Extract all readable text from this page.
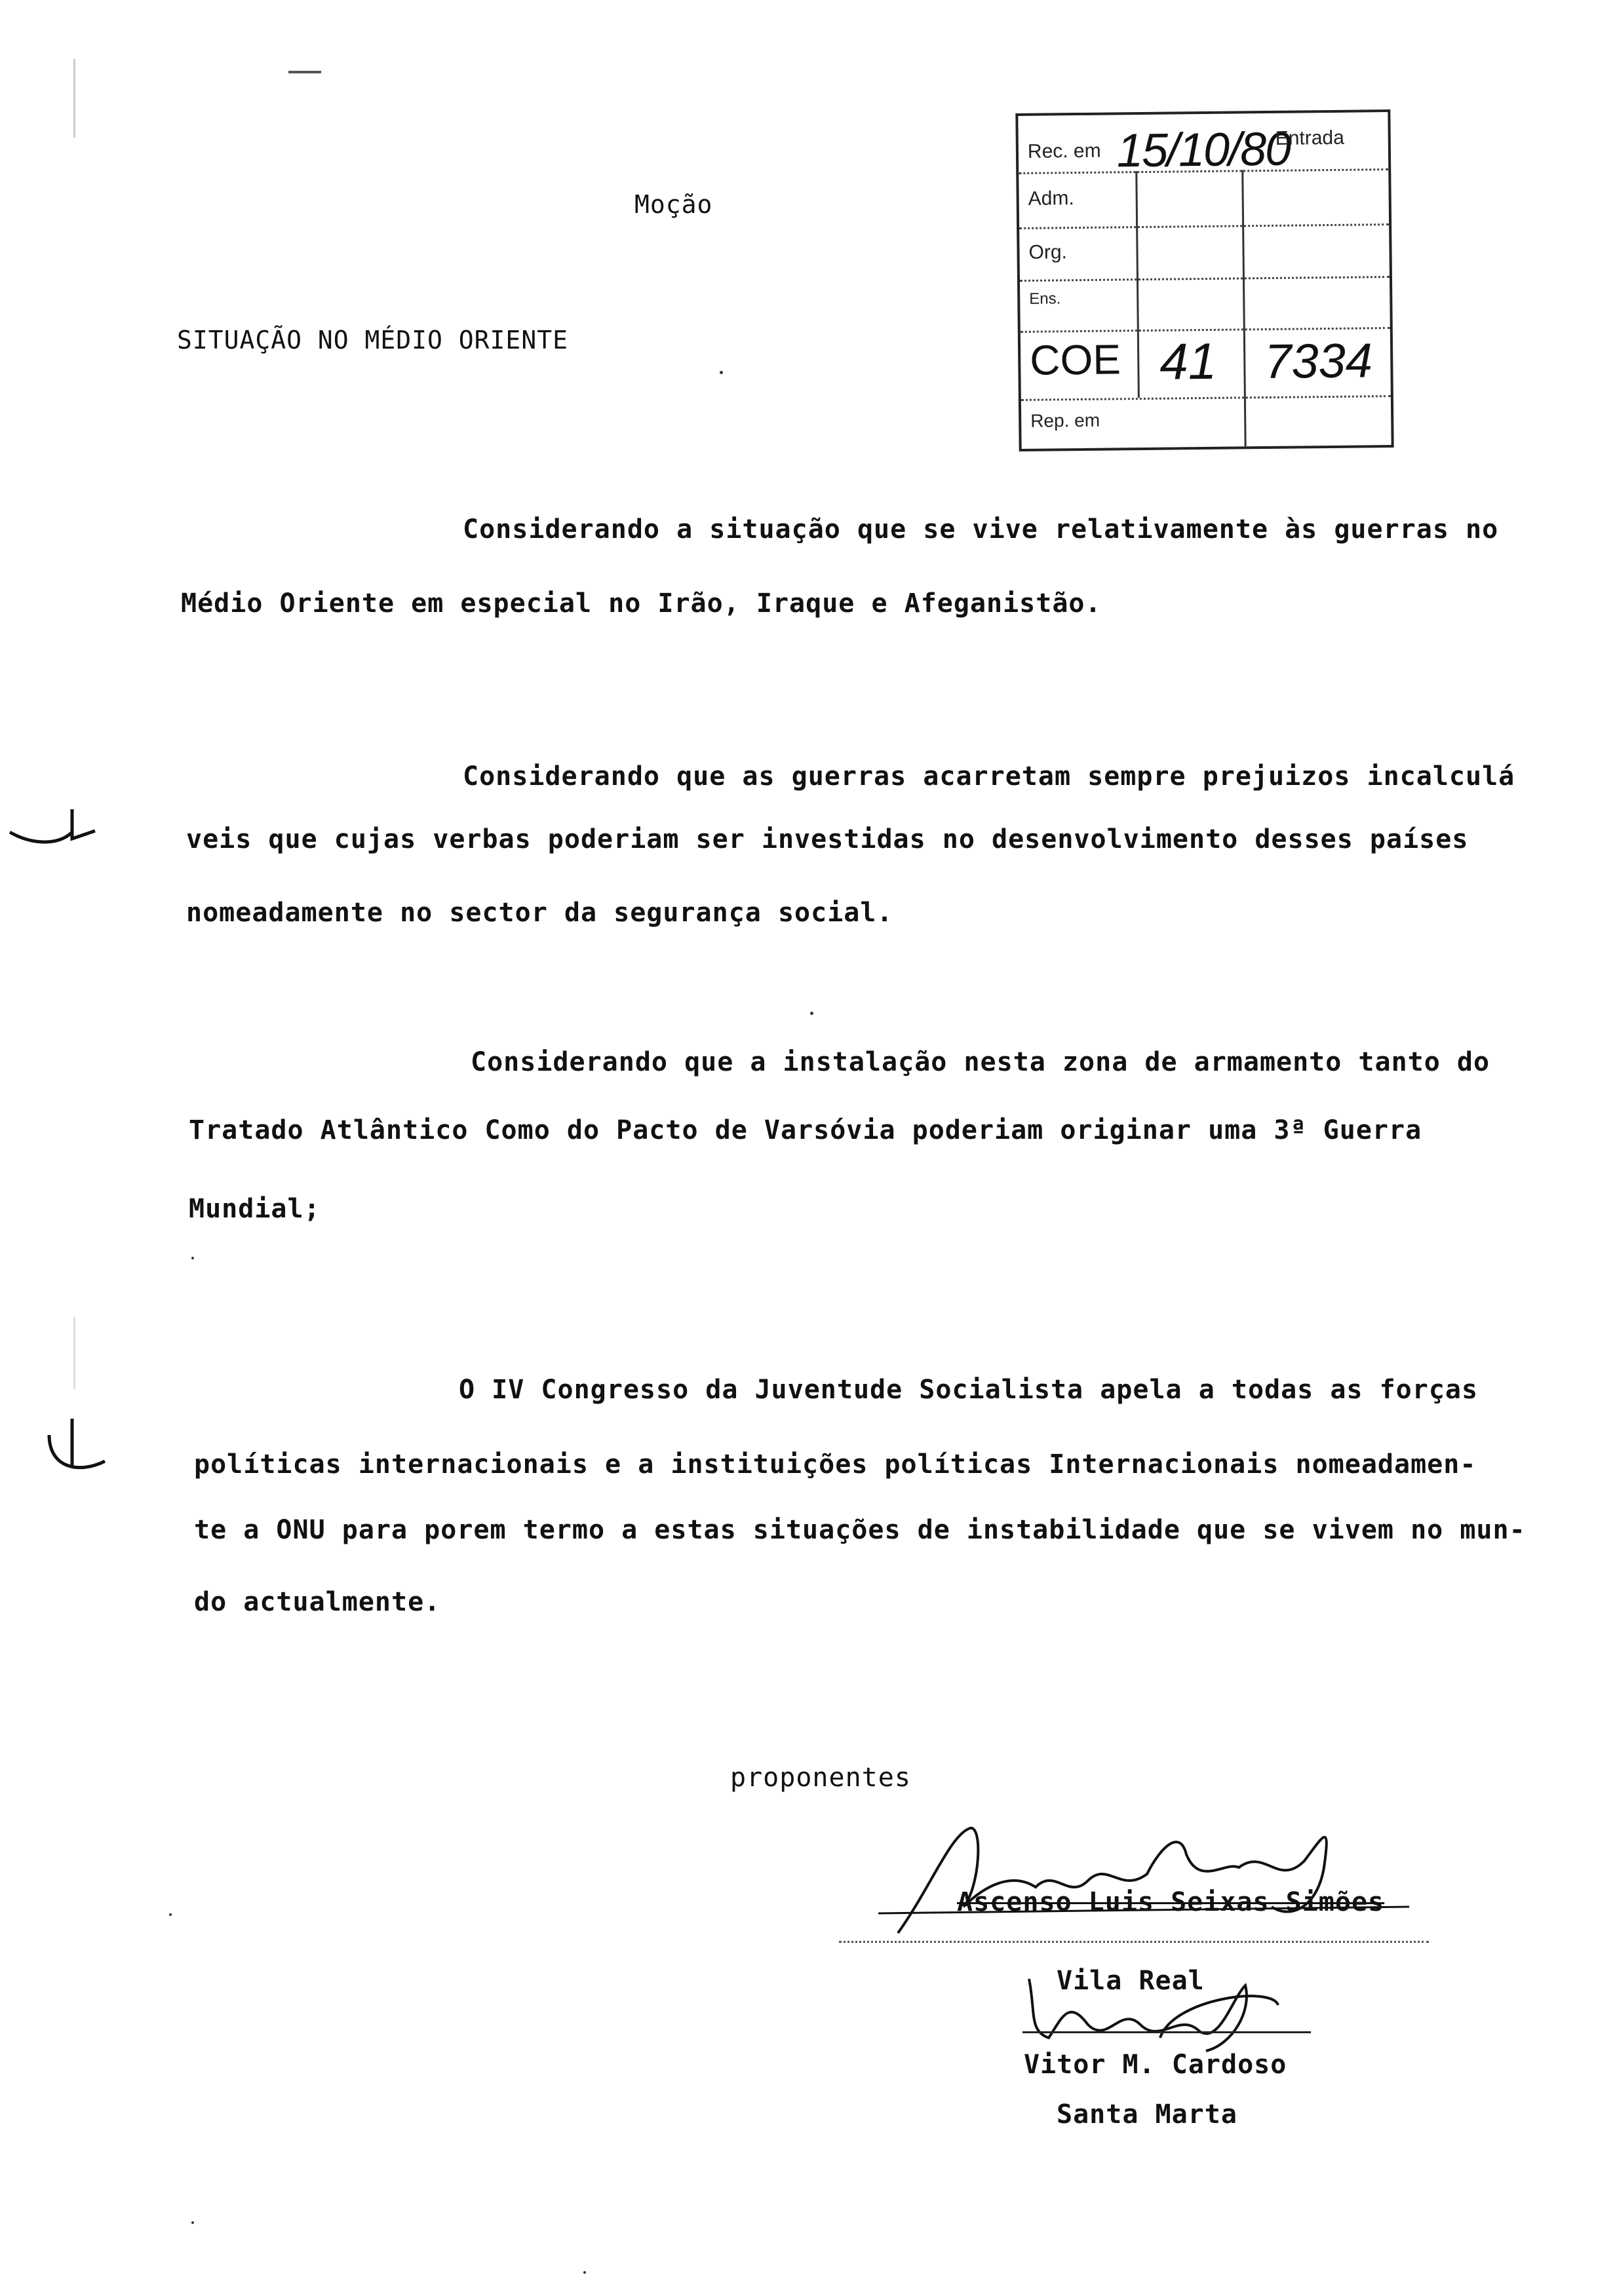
Moção
SITUAÇÃO NO MÉDIO ORIENTE
Rec. em 15/10/80
Entrada
Adm.
Org.
Ens.
COE 41 7334
Rep. em
Considerando a situação que se vive relativamente às guerras no
Médio Oriente em especial no Irão, Iraque e Afeganistão.
Considerando que as guerras acarretam sempre prejuizos incalculá
veis que cujas verbas poderiam ser investidas no desenvolvimento desses países
nomeadamente no sector da segurança social.
Considerando que a instalação nesta zona de armamento tanto do
Tratado Atlântico Como do Pacto de Varsóvia poderiam originar uma 3ª Guerra
Mundial;
O IV Congresso da Juventude Socialista apela a todas as forças
políticas internacionais e a instituições políticas Internacionais nomeadamen-
te a ONU para porem termo a estas situações de instabilidade que se vivem no mun-
do actualmente.
proponentes
Ascenso Luis Seixas Simões
Vila Real
Vitor M. Cardoso
Santa Marta
